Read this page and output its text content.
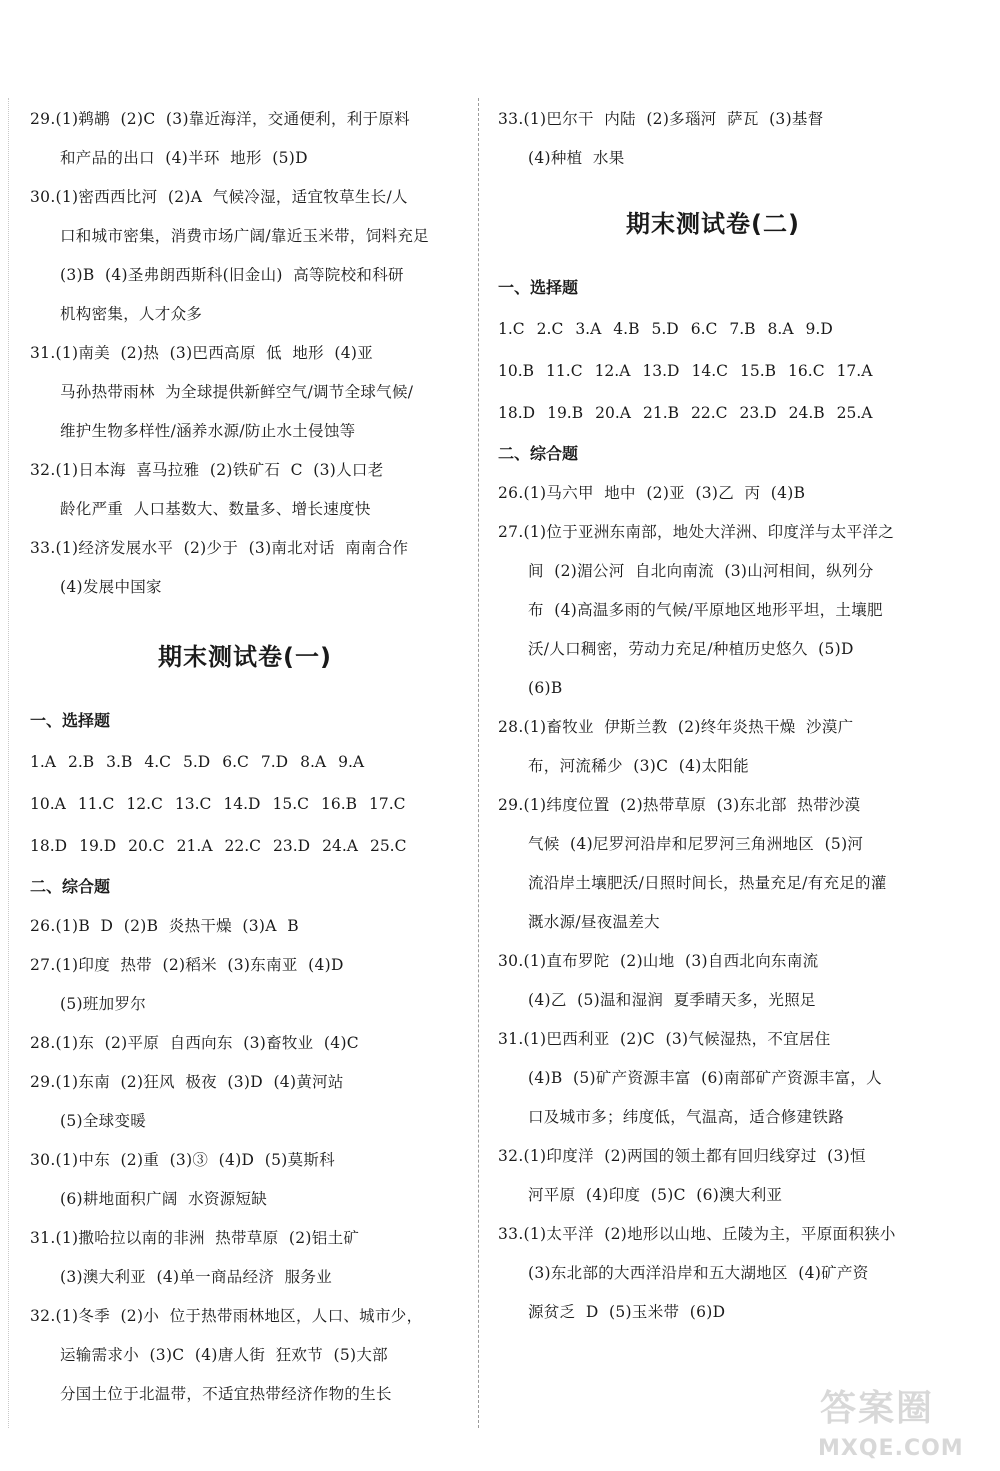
29.(1)鹈鹕  (2)C  (3)靠近海洋，交通便利，利于原料
和产品的出口  (4)半环  地形  (5)D
30.(1)密西西比河  (2)A  气候冷湿，适宜牧草生长/人
口和城市密集，消费市场广阔/靠近玉米带，饲料充足
(3)B  (4)圣弗朗西斯科(旧金山)  高等院校和科研
机构密集，人才众多
31.(1)南美  (2)热  (3)巴西高原  低  地形  (4)亚
马孙热带雨林  为全球提供新鲜空气/调节全球气候/
维护生物多样性/涵养水源/防止水土侵蚀等
32.(1)日本海  喜马拉雅  (2)铁矿石  C  (3)人口老
龄化严重  人口基数大、数量多、增长速度快
33.(1)经济发展水平  (2)少于  (3)南北对话  南南合作
(4)发展中国家
期末测试卷(一)
一、选择题
1.A 2.B 3.B 4.C 5.D 6.C 7.D 8.A 9.A
10.A 11.C 12.C 13.C 14.D 15.C 16.B 17.C
18.D 19.D 20.C 21.A 22.C 23.D 24.A 25.C
二、综合题
26.(1)B  D  (2)B  炎热干燥  (3)A  B
27.(1)印度  热带  (2)稻米  (3)东南亚  (4)D
(5)班加罗尔
28.(1)东  (2)平原  自西向东  (3)畜牧业  (4)C
29.(1)东南  (2)狂风  极夜  (3)D  (4)黄河站
(5)全球变暖
30.(1)中东  (2)重  (3)③  (4)D  (5)莫斯科
(6)耕地面积广阔  水资源短缺
31.(1)撒哈拉以南的非洲  热带草原  (2)铝土矿
(3)澳大利亚  (4)单一商品经济  服务业
32.(1)冬季  (2)小  位于热带雨林地区，人口、城市少，
运输需求小  (3)C  (4)唐人街  狂欢节  (5)大部
分国土位于北温带，不适宜热带经济作物的生长
33.(1)巴尔干  内陆  (2)多瑙河  萨瓦  (3)基督
(4)种植  水果
期末测试卷(二)
一、选择题
1.C 2.C 3.A 4.B 5.D 6.C 7.B 8.A 9.D
10.B 11.C 12.A 13.D 14.C 15.B 16.C 17.A
18.D 19.B 20.A 21.B 22.C 23.D 24.B 25.A
二、综合题
26.(1)马六甲  地中  (2)亚  (3)乙  丙  (4)B
27.(1)位于亚洲东南部，地处大洋洲、印度洋与太平洋之
间  (2)湄公河  自北向南流  (3)山河相间，纵列分
布  (4)高温多雨的气候/平原地区地形平坦，土壤肥
沃/人口稠密，劳动力充足/种植历史悠久  (5)D
(6)B
28.(1)畜牧业  伊斯兰教  (2)终年炎热干燥  沙漠广
布，河流稀少  (3)C  (4)太阳能
29.(1)纬度位置  (2)热带草原  (3)东北部  热带沙漠
气候  (4)尼罗河沿岸和尼罗河三角洲地区  (5)河
流沿岸土壤肥沃/日照时间长，热量充足/有充足的灌
溉水源/昼夜温差大
30.(1)直布罗陀  (2)山地  (3)自西北向东南流
(4)乙  (5)温和湿润  夏季晴天多，光照足
31.(1)巴西利亚  (2)C  (3)气候湿热，不宜居住
(4)B  (5)矿产资源丰富  (6)南部矿产资源丰富，人
口及城市多；纬度低，气温高，适合修建铁路
32.(1)印度洋  (2)两国的领土都有回归线穿过  (3)恒
河平原  (4)印度  (5)C  (6)澳大利亚
33.(1)太平洋  (2)地形以山地、丘陵为主，平原面积狭小
(3)东北部的大西洋沿岸和五大湖地区  (4)矿产资
源贫乏  D  (5)玉米带  (6)D
答案圈
MXQE.COM
